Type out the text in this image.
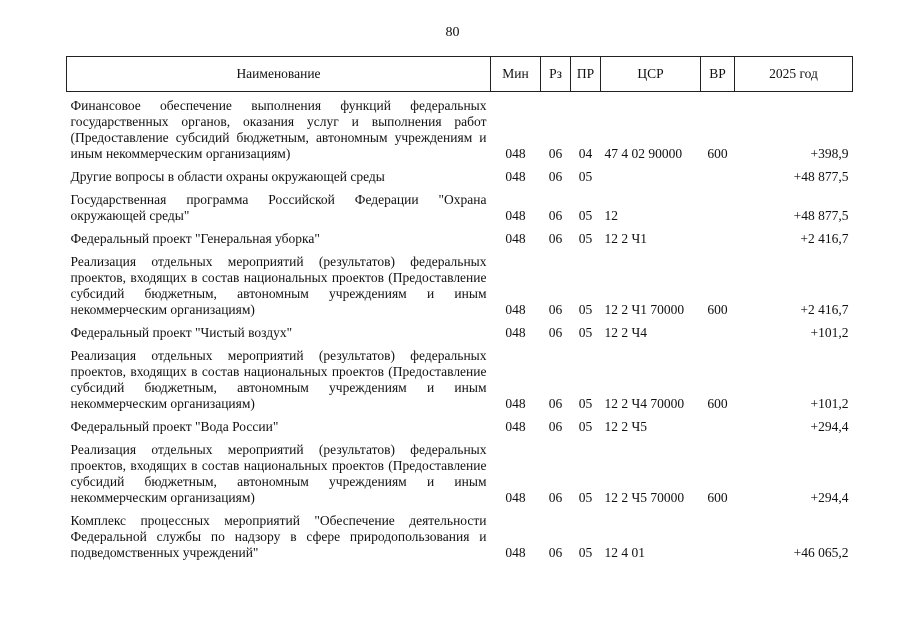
80
Наименование	Мин	Рз	ПР	ЦСР	ВР	2025 год
Финансовое обеспечение выполнения функций федеральных государственных органов, оказания услуг и выполнения работ (Предоставление субсидий бюджетным, автономным учреждениям и иным некоммерческим организациям)	048	06	04	47 4 02 90000	600	+398,9
Другие вопросы в области охраны окружающей среды	048	06	05			+48 877,5
Государственная программа Российской Федерации "Охрана окружающей среды"	048	06	05	12		+48 877,5
Федеральный проект "Генеральная уборка"	048	06	05	12 2 Ч1		+2 416,7
Реализация отдельных мероприятий (результатов) федеральных проектов, входящих в состав национальных проектов (Предоставление субсидий бюджетным, автономным учреждениям и иным некоммерческим организациям)	048	06	05	12 2 Ч1 70000	600	+2 416,7
Федеральный проект "Чистый воздух"	048	06	05	12 2 Ч4		+101,2
Реализация отдельных мероприятий (результатов) федеральных проектов, входящих в состав национальных проектов (Предоставление субсидий бюджетным, автономным учреждениям и иным некоммерческим организациям)	048	06	05	12 2 Ч4 70000	600	+101,2
Федеральный проект "Вода России"	048	06	05	12 2 Ч5		+294,4
Реализация отдельных мероприятий (результатов) федеральных проектов, входящих в состав национальных проектов (Предоставление субсидий бюджетным, автономным учреждениям и иным некоммерческим организациям)	048	06	05	12 2 Ч5 70000	600	+294,4
Комплекс процессных мероприятий "Обеспечение деятельности Федеральной службы по надзору в сфере природопользования и подведомственных учреждений"	048	06	05	12 4 01		+46 065,2
